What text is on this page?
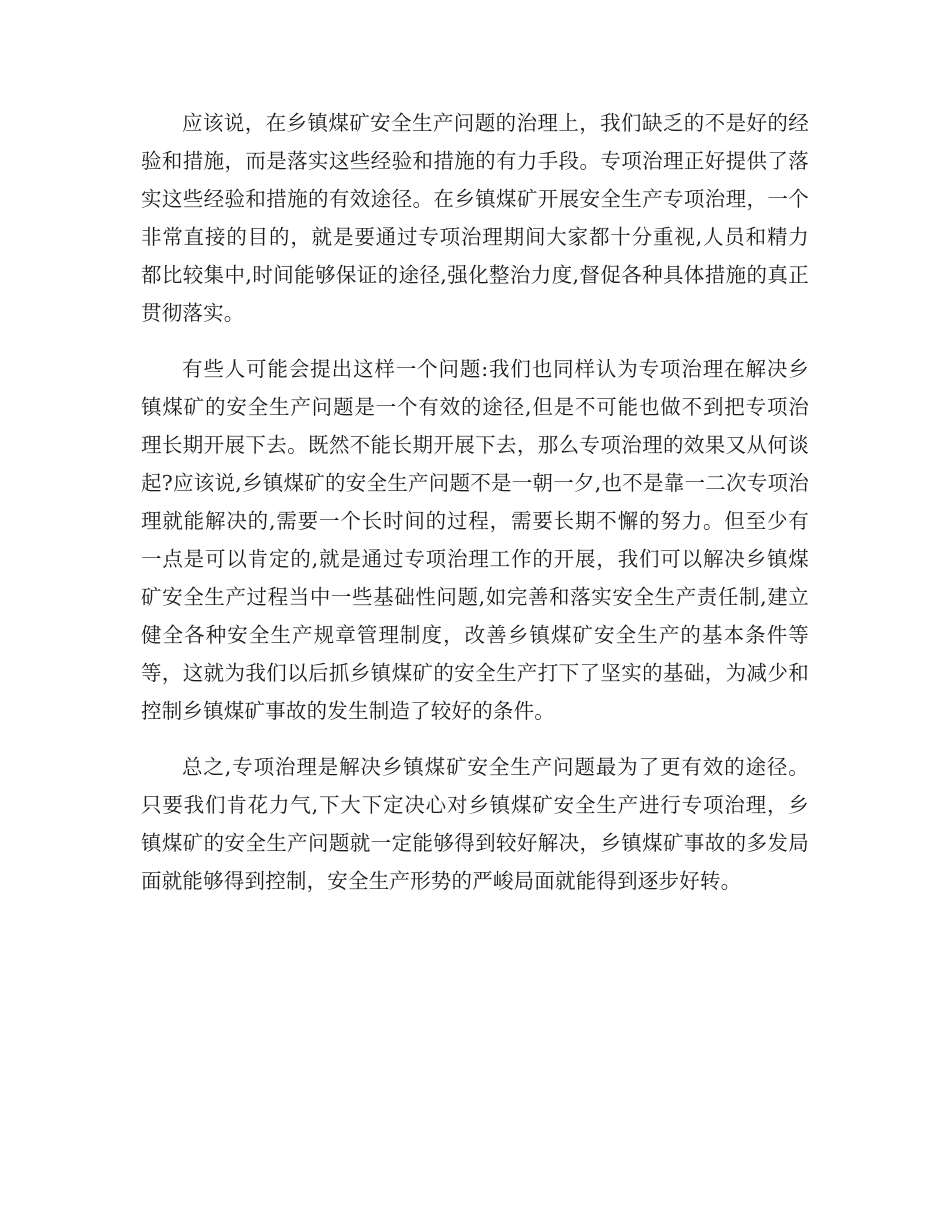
应该说，在乡镇煤矿安全生产问题的治理上，我们缺乏的不是好的经验和措施，而是落实这些经验和措施的有力手段。专项治理正好提供了落实这些经验和措施的有效途径。在乡镇煤矿开展安全生产专项治理，一个非常直接的目的，就是要通过专项治理期间大家都十分重视,人员和精力都比较集中,时间能够保证的途径,强化整治力度,督促各种具体措施的真正贯彻落实。

有些人可能会提出这样一个问题:我们也同样认为专项治理在解决乡镇煤矿的安全生产问题是一个有效的途径,但是不可能也做不到把专项治理长期开展下去。既然不能长期开展下去，那么专项治理的效果又从何谈起?应该说,乡镇煤矿的安全生产问题不是一朝一夕,也不是靠一二次专项治理就能解决的,需要一个长时间的过程，需要长期不懈的努力。但至少有一点是可以肯定的,就是通过专项治理工作的开展，我们可以解决乡镇煤矿安全生产过程当中一些基础性问题,如完善和落实安全生产责任制,建立健全各种安全生产规章管理制度，改善乡镇煤矿安全生产的基本条件等等，这就为我们以后抓乡镇煤矿的安全生产打下了坚实的基础，为减少和控制乡镇煤矿事故的发生制造了较好的条件。

总之,专项治理是解决乡镇煤矿安全生产问题最为了更有效的途径。只要我们肯花力气,下大下定决心对乡镇煤矿安全生产进行专项治理，乡镇煤矿的安全生产问题就一定能够得到较好解决，乡镇煤矿事故的多发局面就能够得到控制，安全生产形势的严峻局面就能得到逐步好转。
